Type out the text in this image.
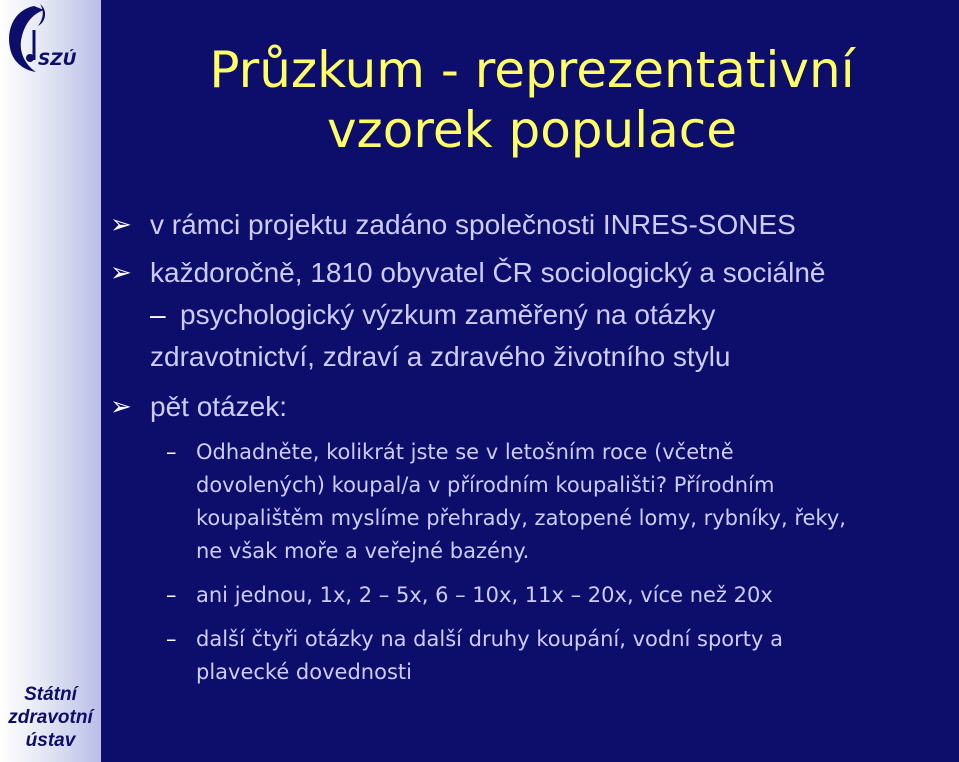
SZÚ
Státní
zdravotní
ústav
Průzkum - reprezentativní
vzorek populace

➢ v rámci projektu zadáno společnosti INRES-SONES

➢ každoročně, 1810 obyvatel ČR sociologický a sociálně

– psychologický výzkum zaměřený na otázky

zdravotnictví, zdraví a zdravého životního stylu

➢ pět otázek:

– Odhadněte, kolikrát jste se v letošním roce (včetně
dovolených) koupal/a v přírodním koupališti? Přírodním
koupalištěm myslíme přehrady, zatopené lomy, rybníky, řeky,
ne však moře a veřejné bazény.
– ani jednou, 1x, 2 – 5x, 6 – 10x, 11x – 20x, více než 20x
– další čtyři otázky na další druhy koupání, vodní sporty a
plavecké dovednosti
